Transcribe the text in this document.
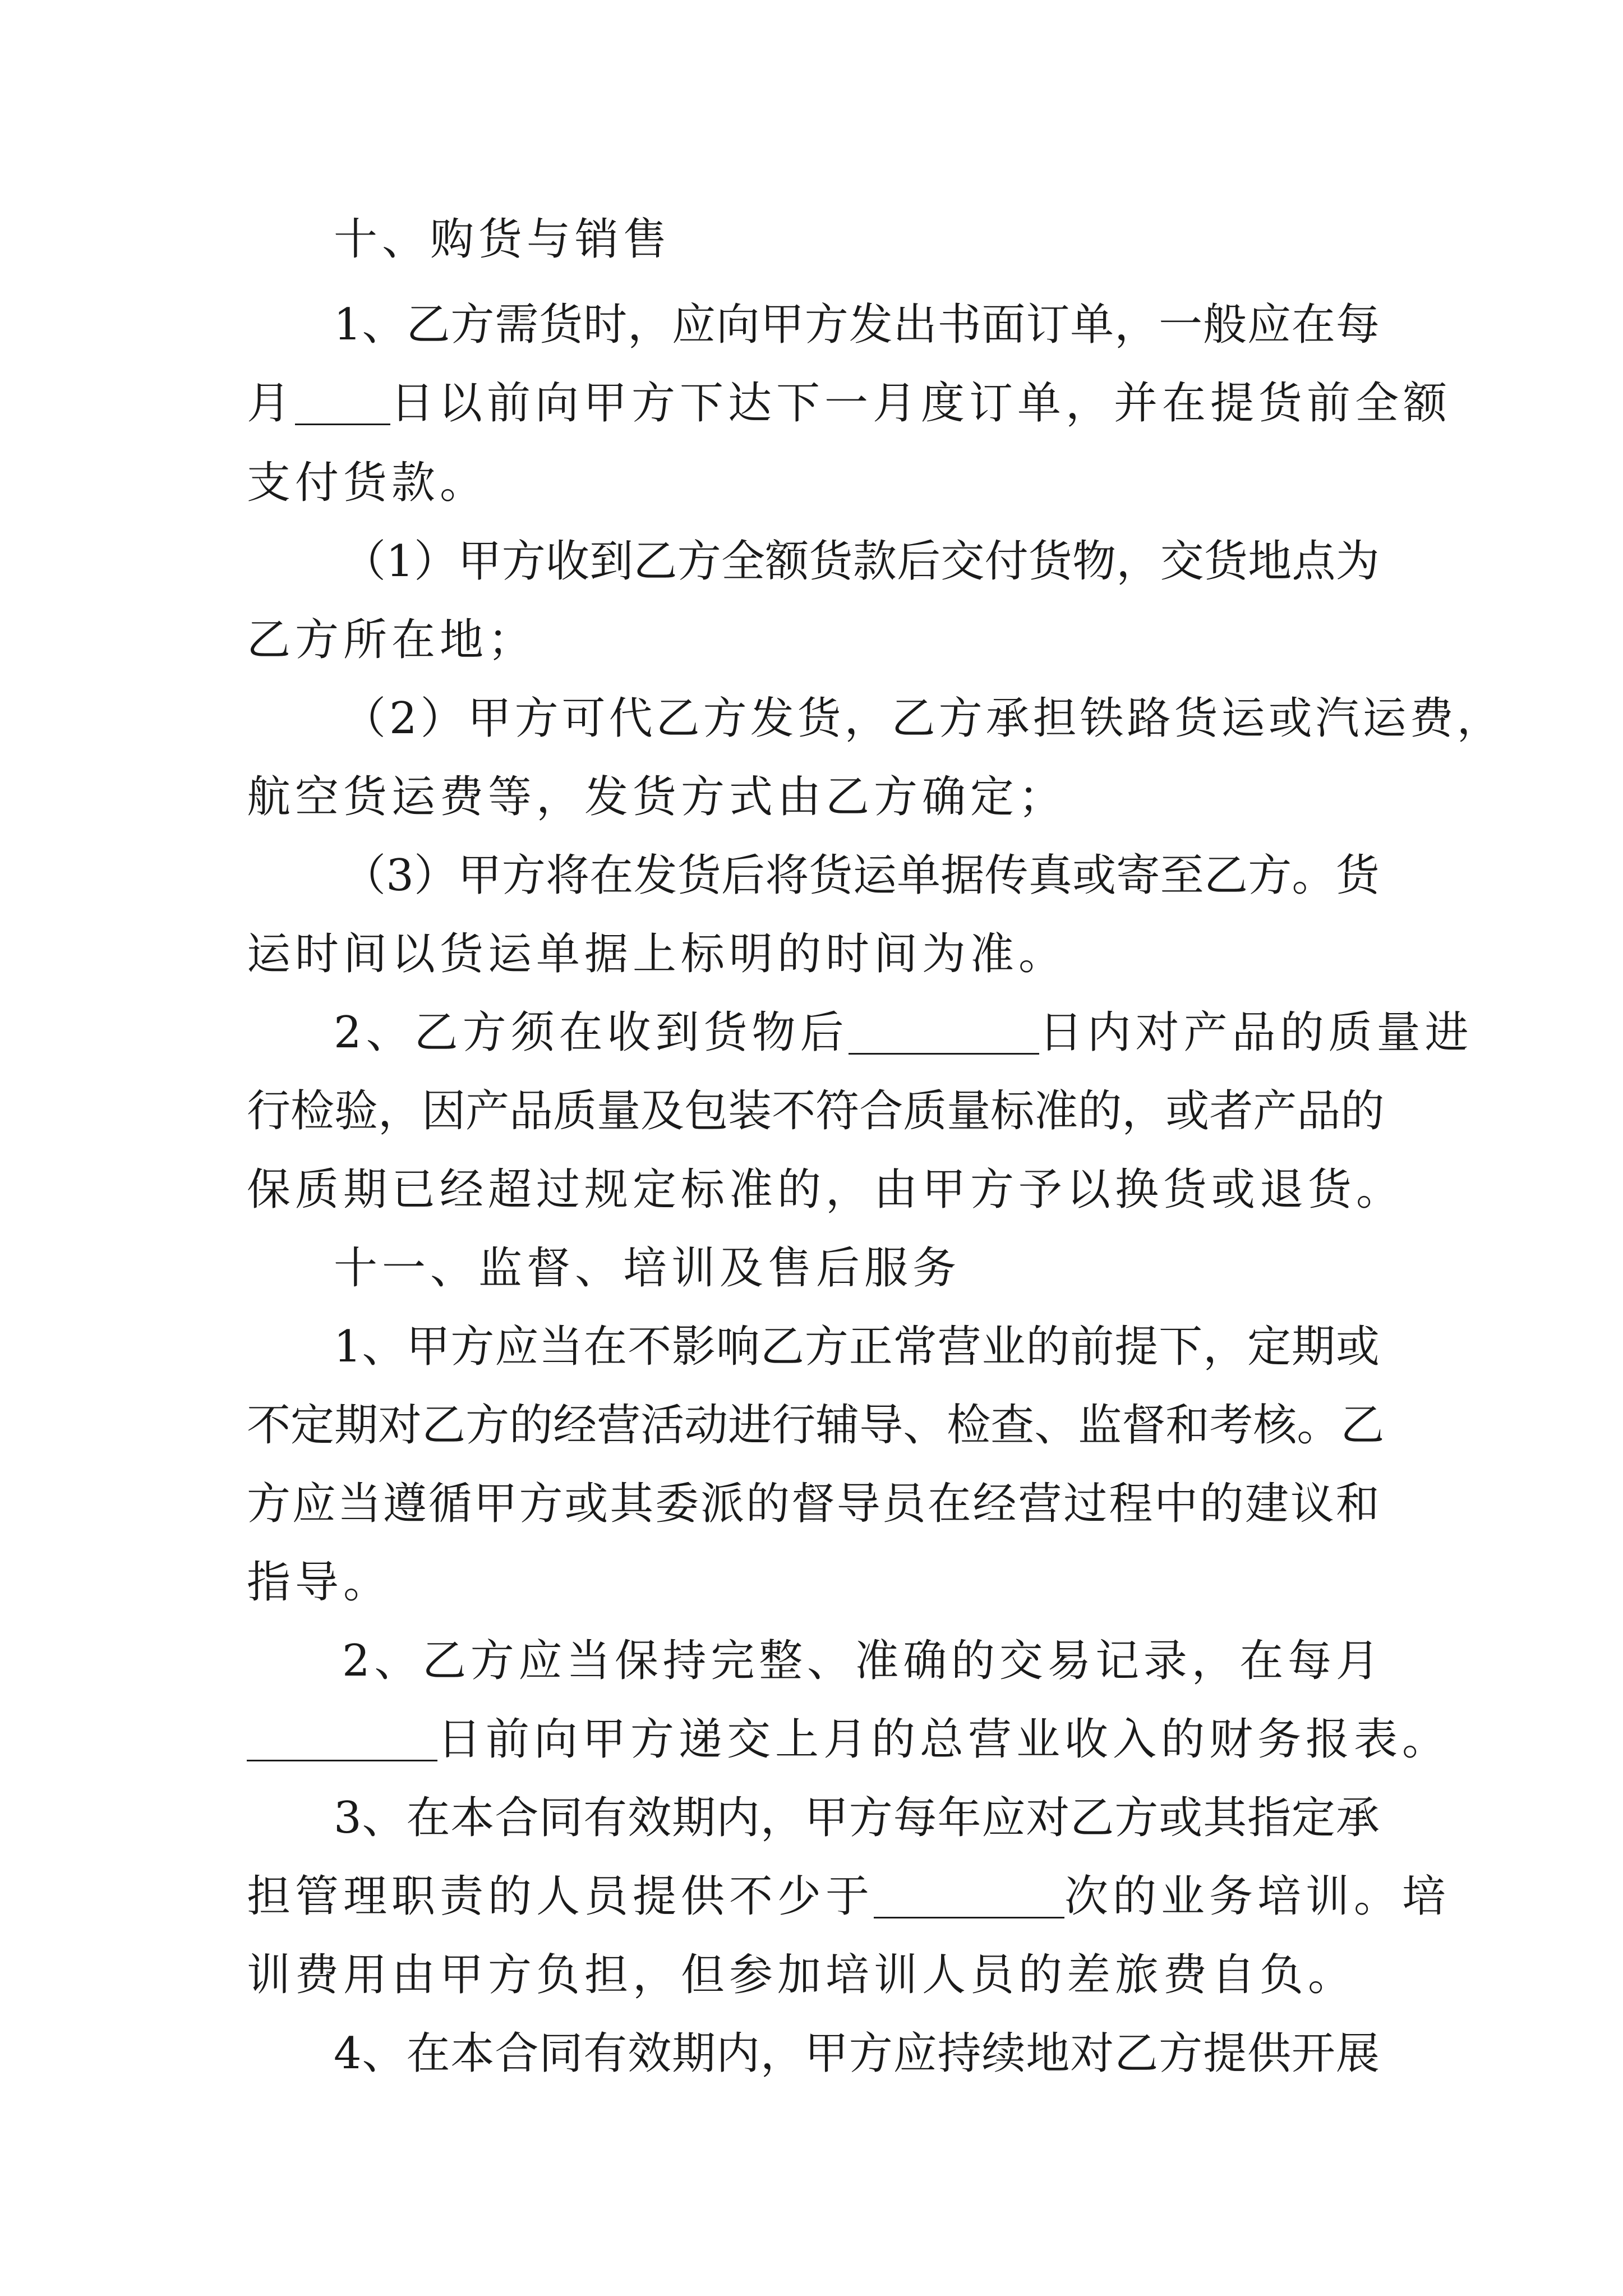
十、购货与销售
1 、 乙 方 需 货 时 ， 应 向 甲 方 发 出 书 面 订 单 ， 一 般 应 在 每
月 日以前向甲方下达下一月度订单，并在提货前全额
支付货款。
（ 1 ） 甲 方 收 到 乙 方 全 额 货 款 后 交 付 货 物 ， 交 货 地 点 为
乙方所在地；
（2）甲方可代乙方发货，乙方承担铁路货运或汽运费，
航空货运费等，发货方式由乙方确定；
（ 3 ） 甲 方 将 在 发 货 后 将 货 运 单 据 传 真 或 寄 至 乙 方 。 货
运时间以货运单据上标明的时间为准。
2、乙方须在收到货物后	日内对产品的质量进
行 检 验 ， 因 产 品 质 量 及 包 装 不 符 合 质 量 标 准 的 ， 或 者 产 品 的
保质期已经超过规定标准的，由甲方予以换货或退货。
十一、监督、培训及售后服务
1 、 甲 方 应 当 在 不 影 响 乙 方 正 常 营 业 的 前 提 下 ， 定 期 或
不 定 期 对 乙 方 的 经 营 活 动 进 行 辅 导 、 检 查 、 监 督 和 考 核 。 乙
方 应 当 遵 循 甲 方 或 其 委 派 的 督 导 员 在 经 营 过 程 中 的 建 议 和
指导。
2 、 乙 方 应 当 保 持 完 整 、 准 确 的 交 易 记 录 ， 在 每 月
日前向甲方递交上月的总营业收入的财务报表。
3 、 在 本 合 同 有 效 期 内 ， 甲 方 每 年 应 对 乙 方 或 其 指 定 承
担管理职责的人员提供不少于	次的业务培训。培
训费用由甲方负担，但参加培训人员的差旅费自负。
4 、 在 本 合 同 有 效 期 内 ， 甲 方 应 持 续 地 对 乙 方 提 供 开 展
